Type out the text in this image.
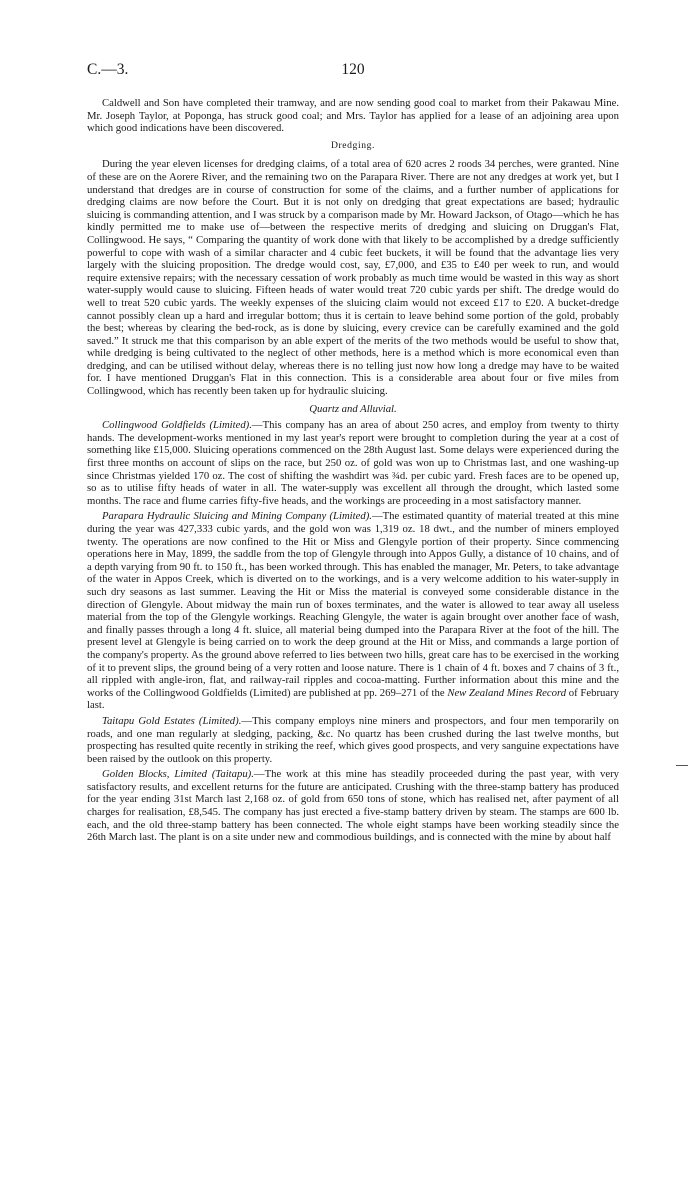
C.—3.	120

Caldwell and Son have completed their tramway, and are now sending good coal to market from their Pakawau Mine. Mr. Joseph Taylor, at Poponga, has struck good coal; and Mrs. Taylor has applied for a lease of an adjoining area upon which good indications have been discovered.

Dredging.

During the year eleven licenses for dredging claims, of a total area of 620 acres 2 roods 34 perches, were granted. Nine of these are on the Aorere River, and the remaining two on the Parapara River. There are not any dredges at work yet, but I understand that dredges are in course of construction for some of the claims, and a further number of applications for dredging claims are now before the Court. But it is not only on dredging that great expectations are based; hydraulic sluicing is commanding attention, and I was struck by a comparison made by Mr. Howard Jackson, of Otago—which he has kindly permitted me to make use of—between the respective merits of dredging and sluicing on Druggan's Flat, Collingwood. He says, “ Comparing the quantity of work done with that likely to be accomplished by a dredge sufficiently powerful to cope with wash of a similar character and 4 cubic feet buckets, it will be found that the advantage lies very largely with the sluicing proposition. The dredge would cost, say, £7,000, and £35 to £40 per week to run, and would require extensive repairs; with the necessary cessation of work probably as much time would be wasted in this way as short water-supply would cause to sluicing. Fifteen heads of water would treat 720 cubic yards per shift. The dredge would do well to treat 520 cubic yards. The weekly expenses of the sluicing claim would not exceed £17 to £20. A bucket-dredge cannot possibly clean up a hard and irregular bottom; thus it is certain to leave behind some portion of the gold, probably the best; whereas by clearing the bed-rock, as is done by sluicing, every crevice can be carefully examined and the gold saved.” It struck me that this comparison by an able expert of the merits of the two methods would be useful to show that, while dredging is being cultivated to the neglect of other methods, here is a method which is more economical even than dredging, and can be utilised without delay, whereas there is no telling just now how long a dredge may have to be waited for. I have mentioned Druggan's Flat in this connection. This is a considerable area about four or five miles from Collingwood, which has recently been taken up for hydraulic sluicing.

Quartz and Alluvial.

Collingwood Goldfields (Limited).—This company has an area of about 250 acres, and employ from twenty to thirty hands. The development-works mentioned in my last year's report were brought to completion during the year at a cost of something like £15,000. Sluicing operations commenced on the 28th August last. Some delays were experienced during the first three months on account of slips on the race, but 250 oz. of gold was won up to Christmas last, and one washing-up since Christmas yielded 170 oz. The cost of shifting the washdirt was ¾d. per cubic yard. Fresh faces are to be opened up, so as to utilise fifty heads of water in all. The water-supply was excellent all through the drought, which lasted some months. The race and flume carries fifty-five heads, and the workings are proceeding in a most satisfactory manner.

Parapara Hydraulic Sluicing and Mining Company (Limited).—The estimated quantity of material treated at this mine during the year was 427,333 cubic yards, and the gold won was 1,319 oz. 18 dwt., and the number of miners employed twenty. The operations are now confined to the Hit or Miss and Glengyle portion of their property. Since commencing operations here in May, 1899, the saddle from the top of Glengyle through into Appos Gully, a distance of 10 chains, and of a depth varying from 90 ft. to 150 ft., has been worked through. This has enabled the manager, Mr. Peters, to take advantage of the water in Appos Creek, which is diverted on to the workings, and is a very welcome addition to his water-supply in such dry seasons as last summer. Leaving the Hit or Miss the material is conveyed some considerable distance in the direction of Glengyle. About midway the main run of boxes terminates, and the water is allowed to tear away all useless material from the top of the Glengyle workings. Reaching Glengyle, the water is again brought over another face of wash, and finally passes through a long 4 ft. sluice, all material being dumped into the Parapara River at the foot of the hill. The present level at Glengyle is being carried on to work the deep ground at the Hit or Miss, and commands a large portion of the company's property. As the ground above referred to lies between two hills, great care has to be exercised in the working of it to prevent slips, the ground being of a very rotten and loose nature. There is 1 chain of 4 ft. boxes and 7 chains of 3 ft., all rippled with angle-iron, flat, and railway-rail ripples and cocoa-matting. Further information about this mine and the works of the Collingwood Goldfields (Limited) are published at pp. 269–271 of the New Zealand Mines Record of February last.

Taitapu Gold Estates (Limited).—This company employs nine miners and prospectors, and four men temporarily on roads, and one man regularly at sledging, packing, &c. No quartz has been crushed during the last twelve months, but prospecting has resulted quite recently in striking the reef, which gives good prospects, and very sanguine expectations have been raised by the outlook on this property.

Golden Blocks, Limited (Taitapu).—The work at this mine has steadily proceeded during the past year, with very satisfactory results, and excellent returns for the future are anticipated. Crushing with the three-stamp battery has produced for the year ending 31st March last 2,168 oz. of gold from 650 tons of stone, which has realised net, after payment of all charges for realisation, £8,545. The company has just erected a five-stamp battery driven by steam. The stamps are 600 lb. each, and the old three-stamp battery has been connected. The whole eight stamps have been working steadily since the 26th March last. The plant is on a site under new and commodious buildings, and is connected with the mine by about half
